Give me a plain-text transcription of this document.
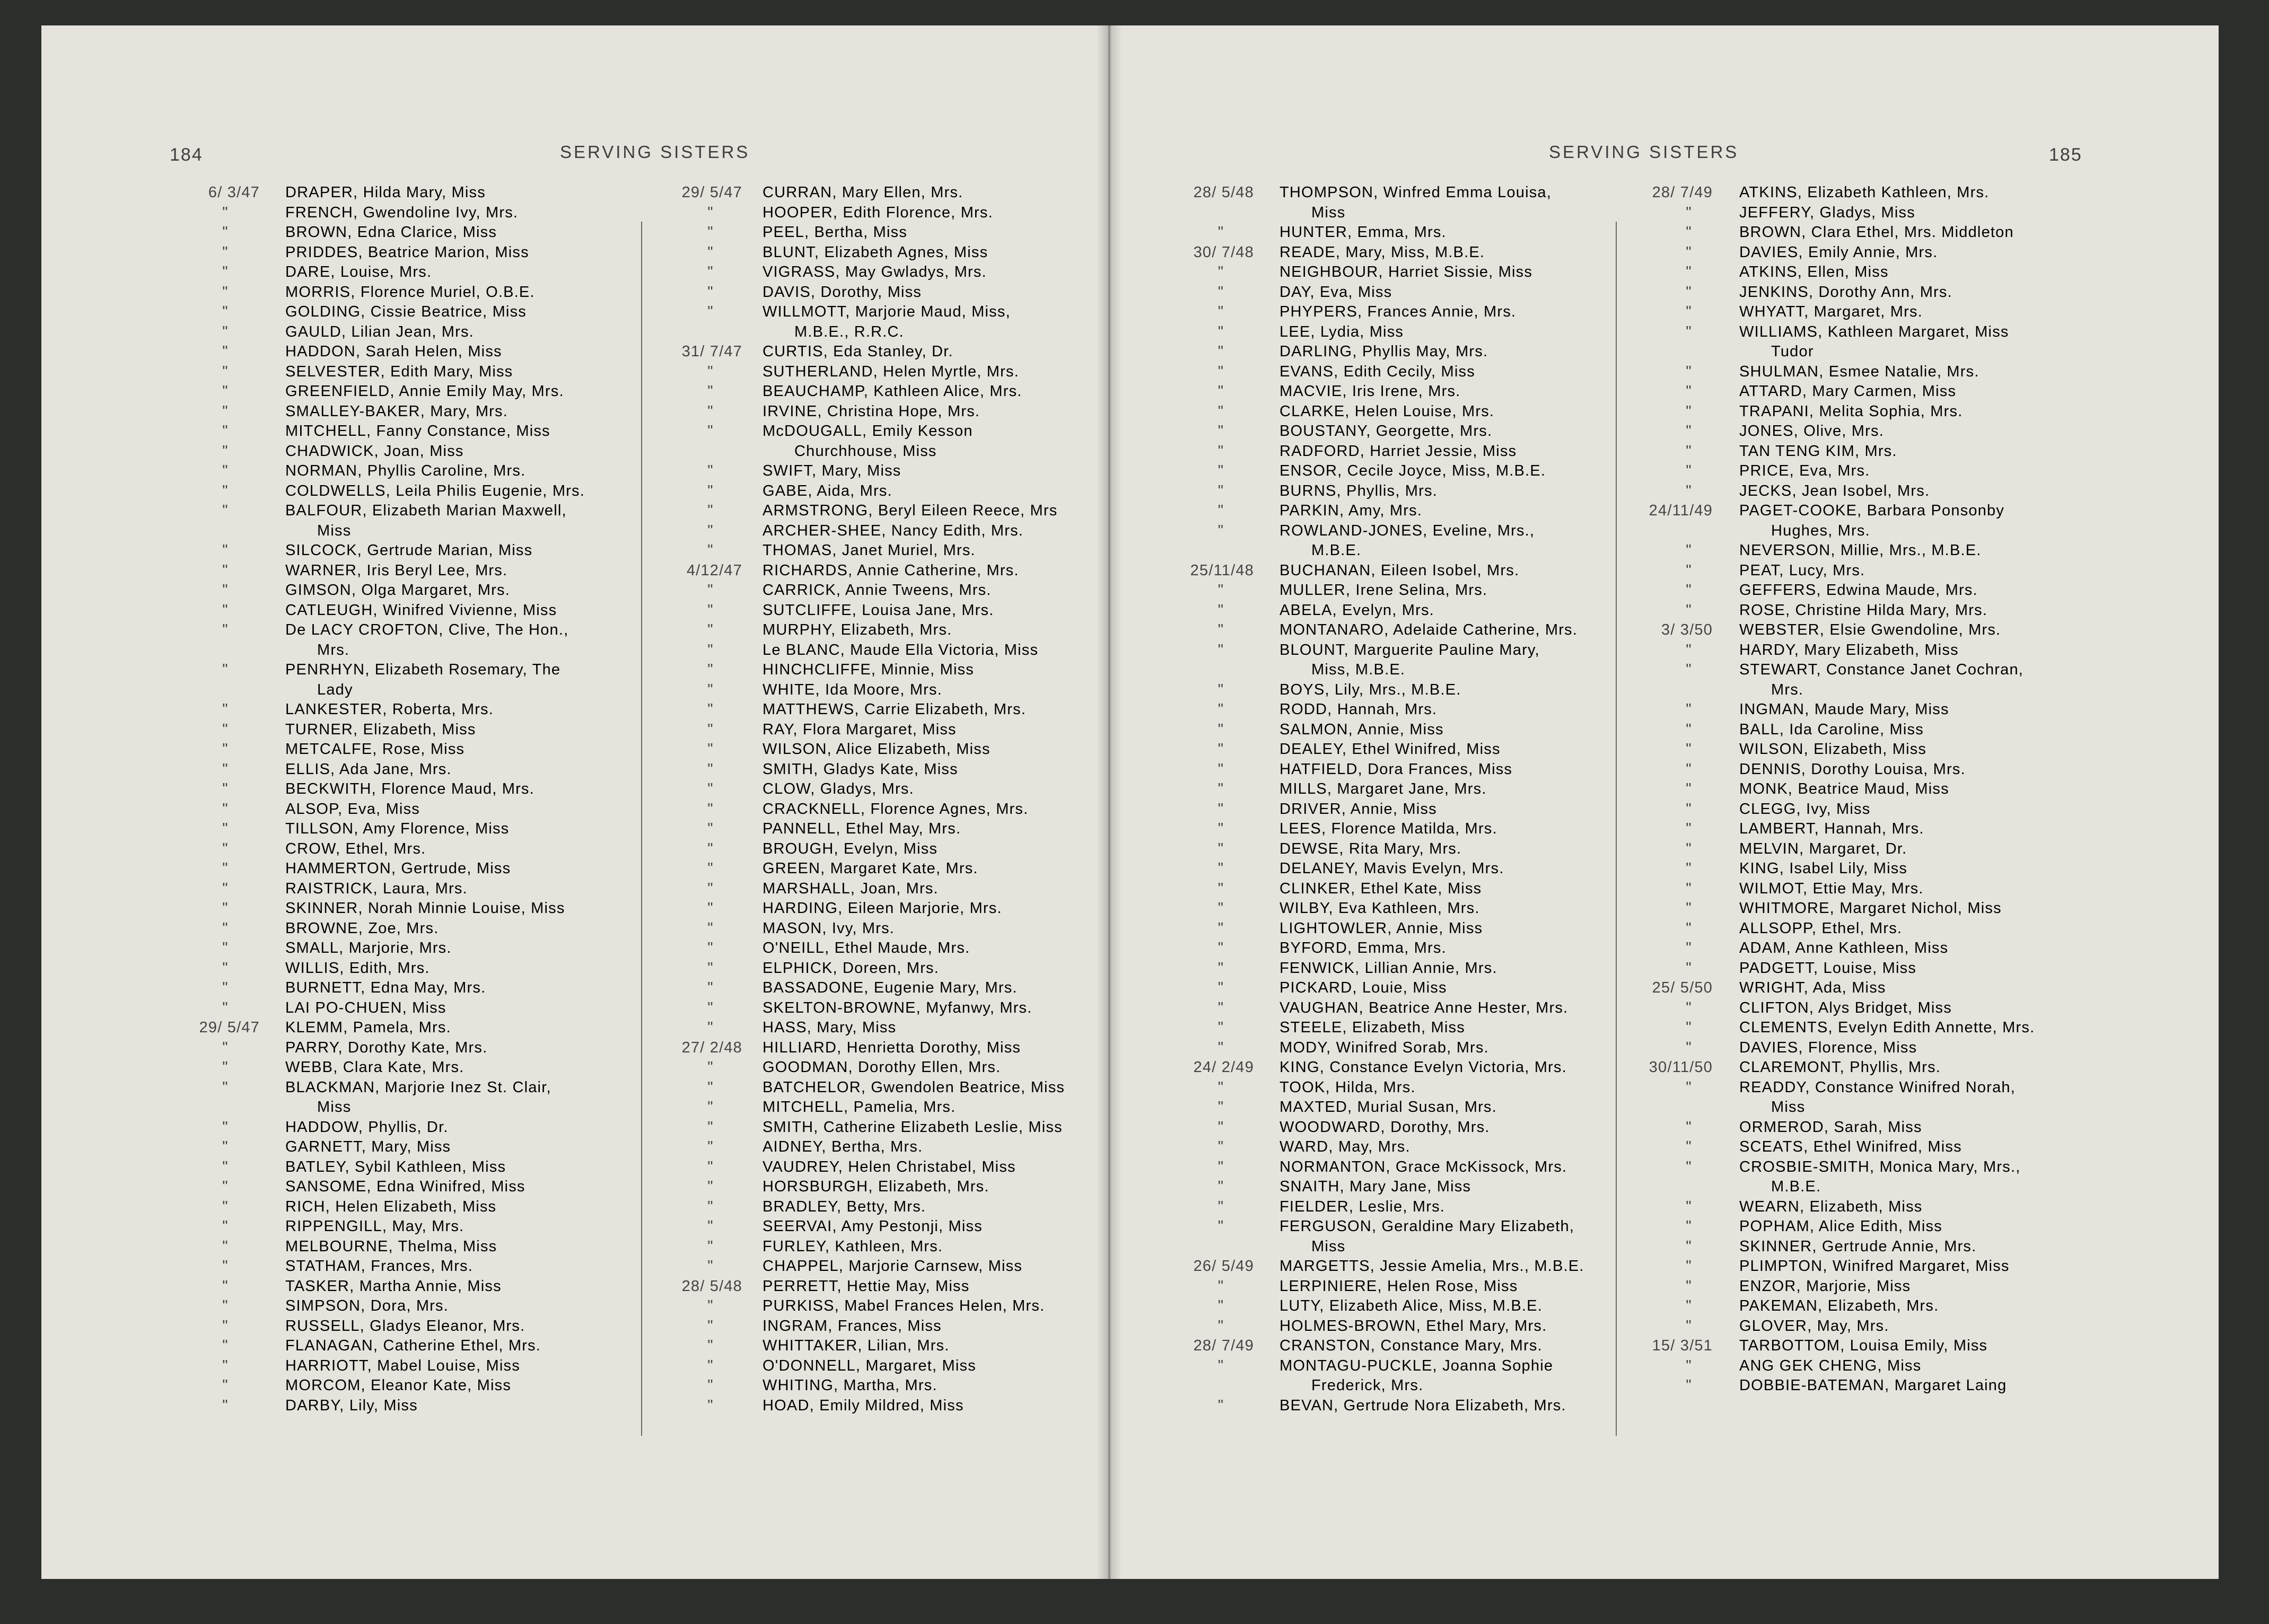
184	SERVING SISTERS	SERVING SISTERS	185
6/ 3/47 DRAPER, Hilda Mary, Miss
"	FRENCH, Gwendoline Ivy, Mrs.
"	BROWN, Edna Clarice, Miss
"	PRIDDES, Beatrice Marion, Miss
"	DARE, Louise, Mrs.
"	MORRIS, Florence Muriel, O.B.E.
"	GOLDING, Cissie Beatrice, Miss
"	GAULD, Lilian Jean, Mrs.
"	HADDON, Sarah Helen, Miss
"	SELVESTER, Edith Mary, Miss
"	GREENFIELD, Annie Emily May, Mrs.
"	SMALLEY-BAKER, Mary, Mrs.
"	MITCHELL, Fanny Constance, Miss
"	CHADWICK, Joan, Miss
"	NORMAN, Phyllis Caroline, Mrs.
"	COLDWELLS, Leila Philis Eugenie, Mrs.
"	BALFOUR, Elizabeth Marian Maxwell,
Miss
"	SILCOCK, Gertrude Marian, Miss
"	WARNER, Iris Beryl Lee, Mrs.
"	GIMSON, Olga Margaret, Mrs.
"	CATLEUGH, Winifred Vivienne, Miss
"	De LACY CROFTON, Clive, The Hon.,
Mrs.
"	PENRHYN, Elizabeth Rosemary, The
Lady
"	LANKESTER, Roberta, Mrs.
"	TURNER, Elizabeth, Miss
"	METCALFE, Rose, Miss
"	ELLIS, Ada Jane, Mrs.
"	BECKWITH, Florence Maud, Mrs.
"	ALSOP, Eva, Miss
"	TILLSON, Amy Florence, Miss
"	CROW, Ethel, Mrs.
"	HAMMERTON, Gertrude, Miss
"	RAISTRICK, Laura, Mrs.
"	SKINNER, Norah Minnie Louise, Miss
"	BROWNE, Zoe, Mrs.
"	SMALL, Marjorie, Mrs.
"	WILLIS, Edith, Mrs.
"	BURNETT, Edna May, Mrs.
"	LAI PO-CHUEN, Miss
29/ 5/47 KLEMM, Pamela, Mrs.
"	PARRY, Dorothy Kate, Mrs.
"	WEBB, Clara Kate, Mrs.
"	BLACKMAN, Marjorie Inez St. Clair,
Miss
"	HADDOW, Phyllis, Dr.
"	GARNETT, Mary, Miss
"	BATLEY, Sybil Kathleen, Miss
"	SANSOME, Edna Winifred, Miss
"	RICH, Helen Elizabeth, Miss
"	RIPPENGILL, May, Mrs.
"	MELBOURNE, Thelma, Miss
"	STATHAM, Frances, Mrs.
"	TASKER, Martha Annie, Miss
"	SIMPSON, Dora, Mrs.
"	RUSSELL, Gladys Eleanor, Mrs.
"	FLANAGAN, Catherine Ethel, Mrs.
"	HARRIOTT, Mabel Louise, Miss
"	MORCOM, Eleanor Kate, Miss
"	DARBY, Lily, Miss
29/ 5/47 CURRAN, Mary Ellen, Mrs.
"	HOOPER, Edith Florence, Mrs.
"	PEEL, Bertha, Miss
"	BLUNT, Elizabeth Agnes, Miss
"	VIGRASS, May Gwladys, Mrs.
"	DAVIS, Dorothy, Miss
"	WILLMOTT, Marjorie Maud, Miss,
M.B.E., R.R.C.
31/ 7/47 CURTIS, Eda Stanley, Dr.
"	SUTHERLAND, Helen Myrtle, Mrs.
"	BEAUCHAMP, Kathleen Alice, Mrs.
"	IRVINE, Christina Hope, Mrs.
"	McDOUGALL, Emily Kesson
Churchhouse, Miss
"	SWIFT, Mary, Miss
"	GABE, Aida, Mrs.
"	ARMSTRONG, Beryl Eileen Reece, Mrs
"	ARCHER-SHEE, Nancy Edith, Mrs.
"	THOMAS, Janet Muriel, Mrs.
4/12/47 RICHARDS, Annie Catherine, Mrs.
"	CARRICK, Annie Tweens, Mrs.
"	SUTCLIFFE, Louisa Jane, Mrs.
"	MURPHY, Elizabeth, Mrs.
"	Le BLANC, Maude Ella Victoria, Miss
"	HINCHCLIFFE, Minnie, Miss
"	WHITE, Ida Moore, Mrs.
"	MATTHEWS, Carrie Elizabeth, Mrs.
"	RAY, Flora Margaret, Miss
"	WILSON, Alice Elizabeth, Miss
"	SMITH, Gladys Kate, Miss
"	CLOW, Gladys, Mrs.
"	CRACKNELL, Florence Agnes, Mrs.
"	PANNELL, Ethel May, Mrs.
"	BROUGH, Evelyn, Miss
"	GREEN, Margaret Kate, Mrs.
"	MARSHALL, Joan, Mrs.
"	HARDING, Eileen Marjorie, Mrs.
"	MASON, Ivy, Mrs.
"	O'NEILL, Ethel Maude, Mrs.
"	ELPHICK, Doreen, Mrs.
"	BASSADONE, Eugenie Mary, Mrs.
"	SKELTON-BROWNE, Myfanwy, Mrs.
"	HASS, Mary, Miss
27/ 2/48 HILLIARD, Henrietta Dorothy, Miss
"	GOODMAN, Dorothy Ellen, Mrs.
"	BATCHELOR, Gwendolen Beatrice, Miss
"	MITCHELL, Pamelia, Mrs.
"	SMITH, Catherine Elizabeth Leslie, Miss
"	AIDNEY, Bertha, Mrs.
"	VAUDREY, Helen Christabel, Miss
"	HORSBURGH, Elizabeth, Mrs.
"	BRADLEY, Betty, Mrs.
"	SEERVAI, Amy Pestonji, Miss
"	FURLEY, Kathleen, Mrs.
"	CHAPPEL, Marjorie Carnsew, Miss
28/ 5/48 PERRETT, Hettie May, Miss
"	PURKISS, Mabel Frances Helen, Mrs.
"	INGRAM, Frances, Miss
"	WHITTAKER, Lilian, Mrs.
"	O'DONNELL, Margaret, Miss
"	WHITING, Martha, Mrs.
"	HOAD, Emily Mildred, Miss
28/ 5/48 THOMPSON, Winfred Emma Louisa,
Miss
"	HUNTER, Emma, Mrs.
30/ 7/48 READE, Mary, Miss, M.B.E.
"	NEIGHBOUR, Harriet Sissie, Miss
"	DAY, Eva, Miss
"	PHYPERS, Frances Annie, Mrs.
"	LEE, Lydia, Miss
"	DARLING, Phyllis May, Mrs.
"	EVANS, Edith Cecily, Miss
"	MACVIE, Iris Irene, Mrs.
"	CLARKE, Helen Louise, Mrs.
"	BOUSTANY, Georgette, Mrs.
"	RADFORD, Harriet Jessie, Miss
"	ENSOR, Cecile Joyce, Miss, M.B.E.
"	BURNS, Phyllis, Mrs.
"	PARKIN, Amy, Mrs.
"	ROWLAND-JONES, Eveline, Mrs.,
M.B.E.
25/11/48 BUCHANAN, Eileen Isobel, Mrs.
"	MULLER, Irene Selina, Mrs.
"	ABELA, Evelyn, Mrs.
"	MONTANARO, Adelaide Catherine, Mrs.
"	BLOUNT, Marguerite Pauline Mary,
Miss, M.B.E.
"	BOYS, Lily, Mrs., M.B.E.
"	RODD, Hannah, Mrs.
"	SALMON, Annie, Miss
"	DEALEY, Ethel Winifred, Miss
"	HATFIELD, Dora Frances, Miss
"	MILLS, Margaret Jane, Mrs.
"	DRIVER, Annie, Miss
"	LEES, Florence Matilda, Mrs.
"	DEWSE, Rita Mary, Mrs.
"	DELANEY, Mavis Evelyn, Mrs.
"	CLINKER, Ethel Kate, Miss
"	WILBY, Eva Kathleen, Mrs.
"	LIGHTOWLER, Annie, Miss
"	BYFORD, Emma, Mrs.
"	FENWICK, Lillian Annie, Mrs.
"	PICKARD, Louie, Miss
"	VAUGHAN, Beatrice Anne Hester, Mrs.
"	STEELE, Elizabeth, Miss
"	MODY, Winifred Sorab, Mrs.
24/ 2/49 KING, Constance Evelyn Victoria, Mrs.
"	TOOK, Hilda, Mrs.
"	MAXTED, Murial Susan, Mrs.
"	WOODWARD, Dorothy, Mrs.
"	WARD, May, Mrs.
"	NORMANTON, Grace McKissock, Mrs.
"	SNAITH, Mary Jane, Miss
"	FIELDER, Leslie, Mrs.
"	FERGUSON, Geraldine Mary Elizabeth,
Miss
26/ 5/49 MARGETTS, Jessie Amelia, Mrs., M.B.E.
"	LERPINIERE, Helen Rose, Miss
"	LUTY, Elizabeth Alice, Miss, M.B.E.
"	HOLMES-BROWN, Ethel Mary, Mrs.
28/ 7/49 CRANSTON, Constance Mary, Mrs.
"	MONTAGU-PUCKLE, Joanna Sophie
Frederick, Mrs.
"	BEVAN, Gertrude Nora Elizabeth, Mrs.
28/ 7/49 ATKINS, Elizabeth Kathleen, Mrs.
"	JEFFERY, Gladys, Miss
"	BROWN, Clara Ethel, Mrs. Middleton
"	DAVIES, Emily Annie, Mrs.
"	ATKINS, Ellen, Miss
"	JENKINS, Dorothy Ann, Mrs.
"	WHYATT, Margaret, Mrs.
"	WILLIAMS, Kathleen Margaret, Miss
Tudor
"	SHULMAN, Esmee Natalie, Mrs.
"	ATTARD, Mary Carmen, Miss
"	TRAPANI, Melita Sophia, Mrs.
"	JONES, Olive, Mrs.
"	TAN TENG KIM, Mrs.
"	PRICE, Eva, Mrs.
"	JECKS, Jean Isobel, Mrs.
24/11/49 PAGET-COOKE, Barbara Ponsonby
Hughes, Mrs.
"	NEVERSON, Millie, Mrs., M.B.E.
"	PEAT, Lucy, Mrs.
"	GEFFERS, Edwina Maude, Mrs.
"	ROSE, Christine Hilda Mary, Mrs.
3/ 3/50 WEBSTER, Elsie Gwendoline, Mrs.
"	HARDY, Mary Elizabeth, Miss
"	STEWART, Constance Janet Cochran,
Mrs.
"	INGMAN, Maude Mary, Miss
"	BALL, Ida Caroline, Miss
"	WILSON, Elizabeth, Miss
"	DENNIS, Dorothy Louisa, Mrs.
"	MONK, Beatrice Maud, Miss
"	CLEGG, Ivy, Miss
"	LAMBERT, Hannah, Mrs.
"	MELVIN, Margaret, Dr.
"	KING, Isabel Lily, Miss
"	WILMOT, Ettie May, Mrs.
"	WHITMORE, Margaret Nichol, Miss
"	ALLSOPP, Ethel, Mrs.
"	ADAM, Anne Kathleen, Miss
"	PADGETT, Louise, Miss
25/ 5/50 WRIGHT, Ada, Miss
"	CLIFTON, Alys Bridget, Miss
"	CLEMENTS, Evelyn Edith Annette, Mrs.
"	DAVIES, Florence, Miss
30/11/50 CLAREMONT, Phyllis, Mrs.
"	READDY, Constance Winifred Norah,
Miss
"	ORMEROD, Sarah, Miss
"	SCEATS, Ethel Winifred, Miss
"	CROSBIE-SMITH, Monica Mary, Mrs.,
M.B.E.
"	WEARN, Elizabeth, Miss
"	POPHAM, Alice Edith, Miss
"	SKINNER, Gertrude Annie, Mrs.
"	PLIMPTON, Winifred Margaret, Miss
"	ENZOR, Marjorie, Miss
"	PAKEMAN, Elizabeth, Mrs.
"	GLOVER, May, Mrs.
15/ 3/51 TARBOTTOM, Louisa Emily, Miss
"	ANG GEK CHENG, Miss
"	DOBBIE-BATEMAN, Margaret Laing
